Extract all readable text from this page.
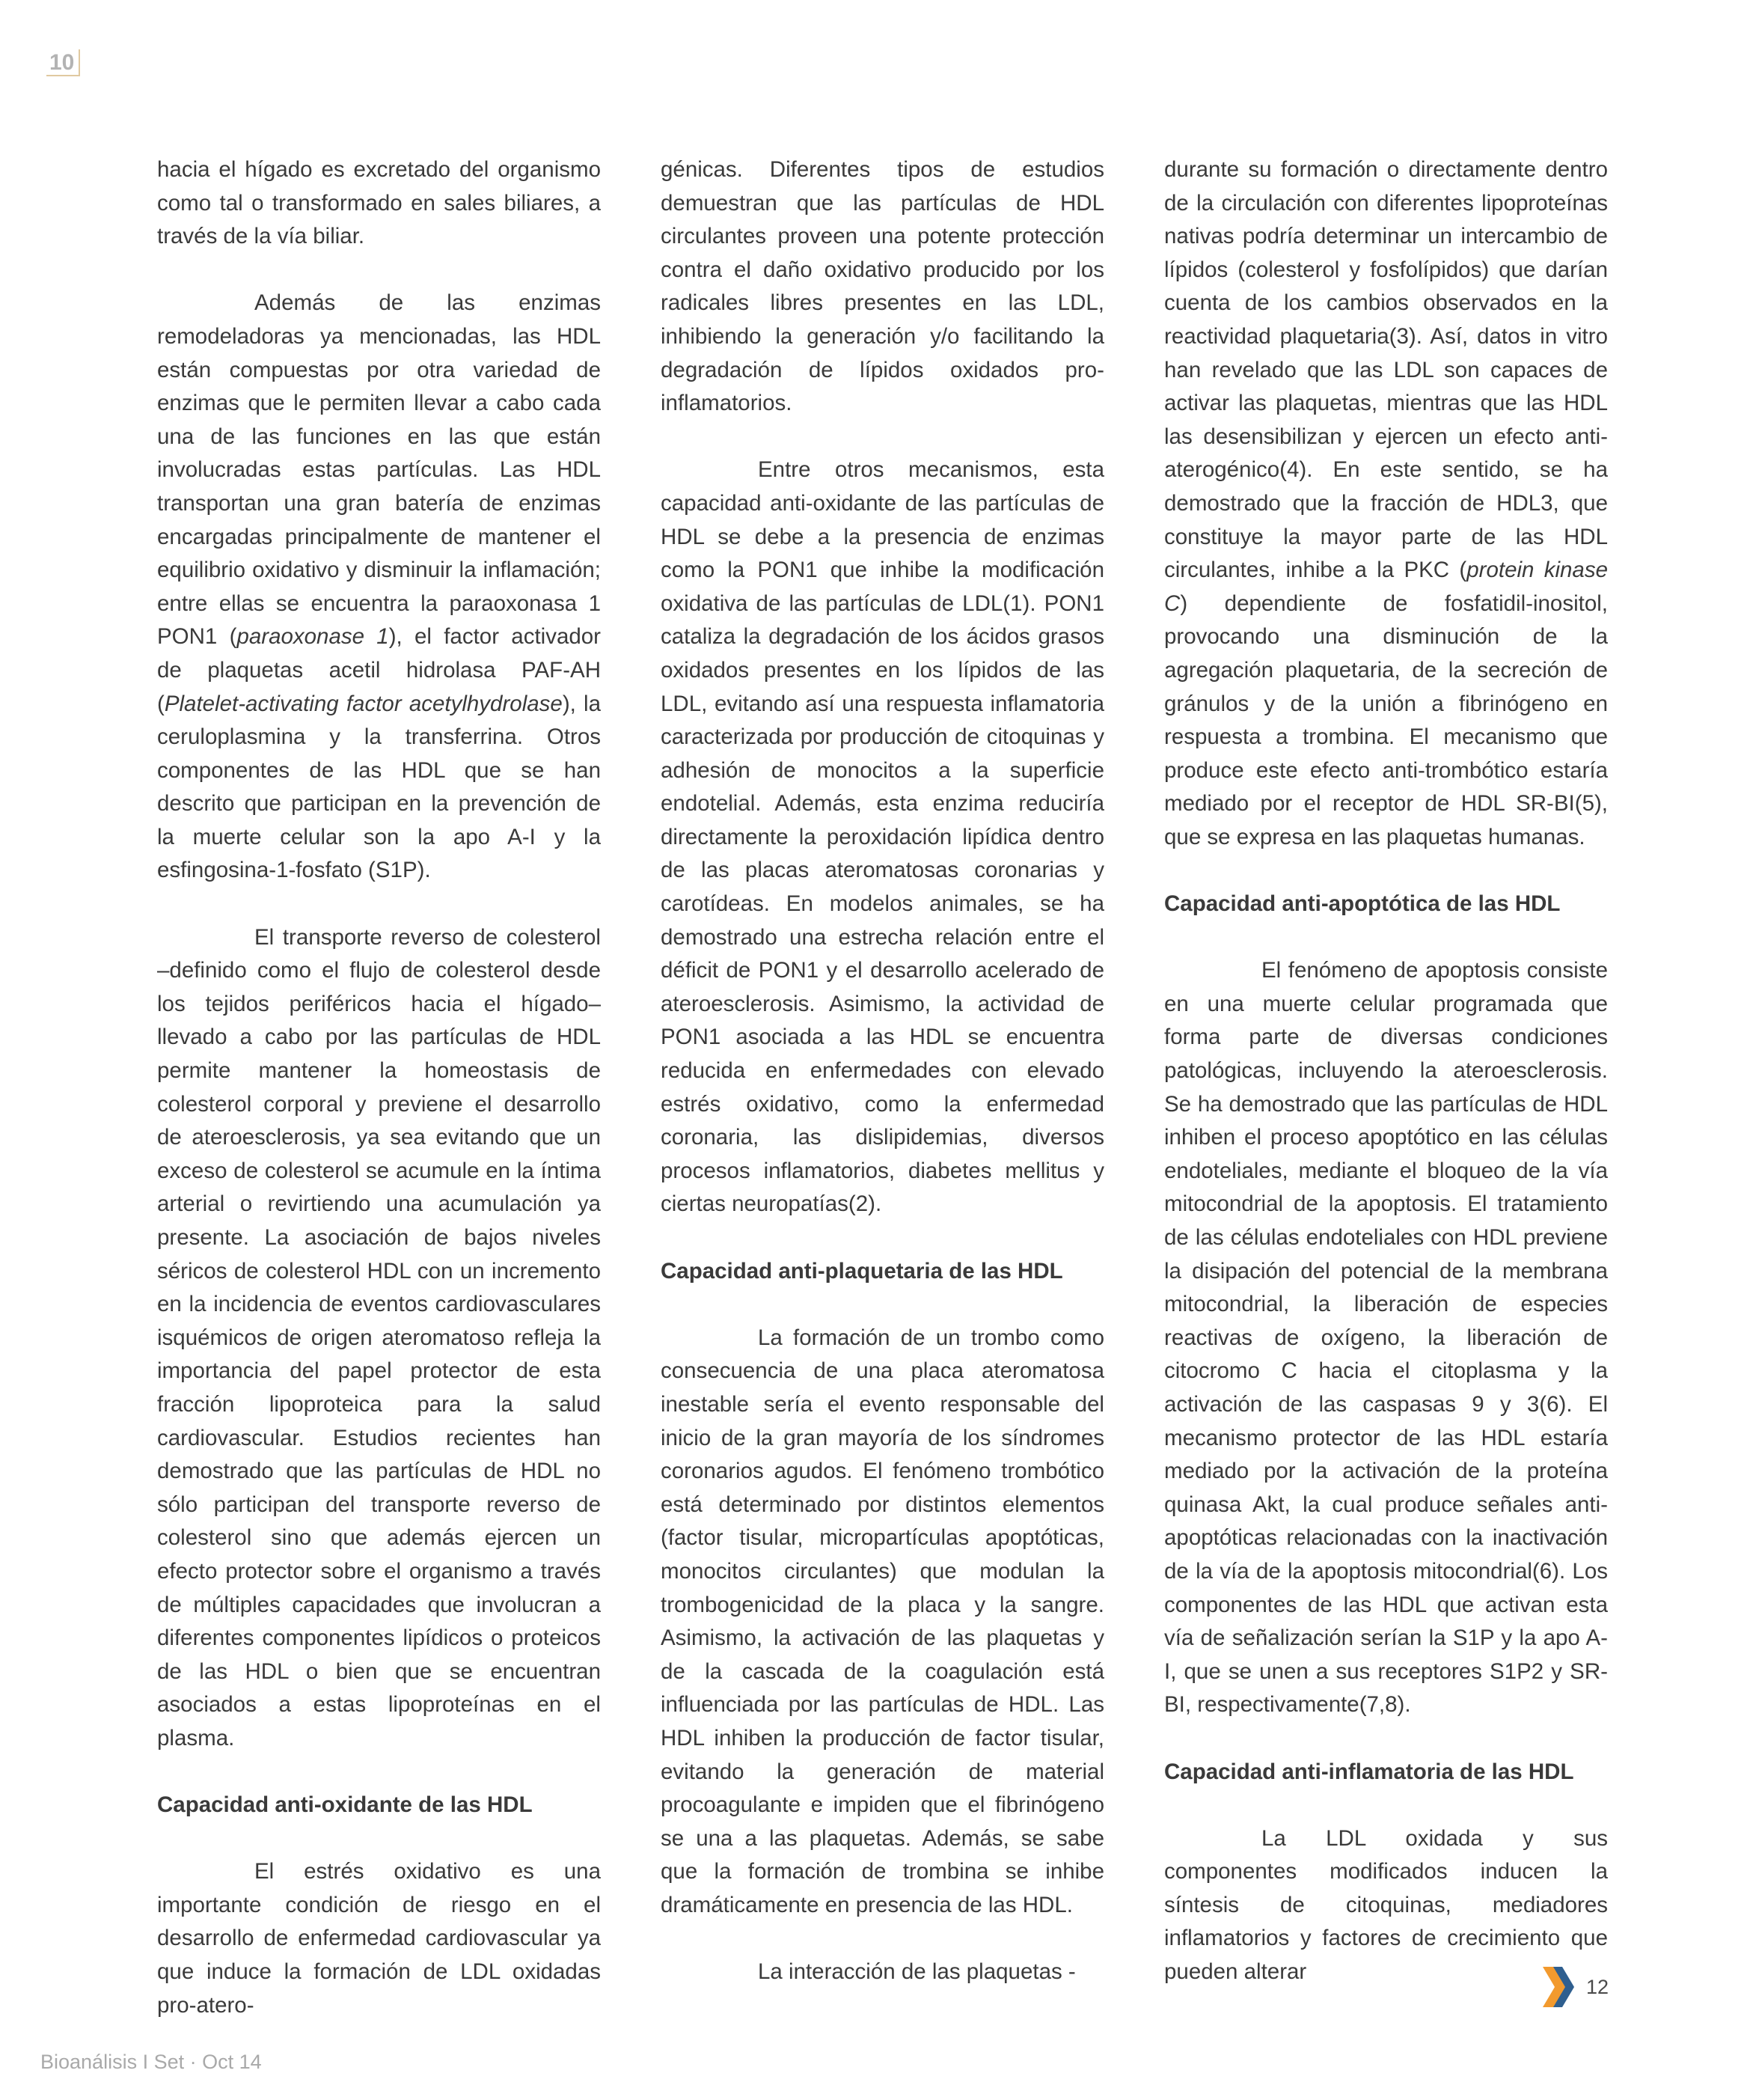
10

hacia el hígado es excretado del organismo como tal o transformado en sales biliares, a través de la vía biliar.

Además de las enzimas remodeladoras ya mencionadas, las HDL están compuestas por otra variedad de enzimas que le permiten llevar a cabo cada una de las funciones en las que están involucradas estas partículas. Las HDL transportan una gran batería de enzimas encargadas principalmente de mantener el equilibrio oxidativo y disminuir la inflamación; entre ellas se encuentra la paraoxonasa 1 PON1 (paraoxonase 1), el factor activador de plaquetas acetil hidrolasa PAF-AH (Platelet-activating factor acetylhydrolase), la ceruloplasmina y la transferrina. Otros componentes de las HDL que se han descrito que participan en la prevención de la muerte celular son la apo A-I y la esfingosina-1-fosfato (S1P).

El transporte reverso de colesterol –definido como el flujo de colesterol desde los tejidos periféricos hacia el hígado– llevado a cabo por las partículas de HDL permite mantener la homeostasis de colesterol corporal y previene el desarrollo de ateroesclerosis, ya sea evitando que un exceso de colesterol se acumule en la íntima arterial o revirtiendo una acumulación ya presente. La asociación de bajos niveles séricos de colesterol HDL con un incremento en la incidencia de eventos cardiovasculares isquémicos de origen ateromatoso refleja la importancia del papel protector de esta fracción lipoproteica para la salud cardiovascular. Estudios recientes han demostrado que las partículas de HDL no sólo participan del transporte reverso de colesterol sino que además ejercen un efecto protector sobre el organismo a través de múltiples capacidades que involucran a diferentes componentes lipídicos o proteicos de las HDL o bien que se encuentran asociados a estas lipoproteínas en el plasma.

Capacidad anti-oxidante de las HDL

El estrés oxidativo es una importante condición de riesgo en el desarrollo de enfermedad cardiovascular ya que induce la formación de LDL oxidadas pro-atero-

génicas. Diferentes tipos de estudios demuestran que las partículas de HDL circulantes proveen una potente protección contra el daño oxidativo producido por los radicales libres presentes en las LDL, inhibiendo la generación y/o facilitando la degradación de lípidos oxidados pro-inflamatorios.

Entre otros mecanismos, esta capacidad anti-oxidante de las partículas de HDL se debe a la presencia de enzimas como la PON1 que inhibe la modificación oxidativa de las partículas de LDL(1). PON1 cataliza la degradación de los ácidos grasos oxidados presentes en los lípidos de las LDL, evitando así una respuesta inflamatoria caracterizada por producción de citoquinas y adhesión de monocitos a la superficie endotelial. Además, esta enzima reduciría directamente la peroxidación lipídica dentro de las placas ateromatosas coronarias y carotídeas. En modelos animales, se ha demostrado una estrecha relación entre el déficit de PON1 y el desarrollo acelerado de ateroesclerosis. Asimismo, la actividad de PON1 asociada a las HDL se encuentra reducida en enfermedades con elevado estrés oxidativo, como la enfermedad coronaria, las dislipidemias, diversos procesos inflamatorios, diabetes mellitus y ciertas neuropatías(2).

Capacidad anti-plaquetaria de las HDL

La formación de un trombo como consecuencia de una placa ateromatosa inestable sería el evento responsable del inicio de la gran mayoría de los síndromes coronarios agudos. El fenómeno trombótico está determinado por distintos elementos (factor tisular, micropartículas apoptóticas, monocitos circulantes) que modulan la trombogenicidad de la placa y la sangre. Asimismo, la activación de las plaquetas y de la cascada de la coagulación está influenciada por las partículas de HDL. Las HDL inhiben la producción de factor tisular, evitando la generación de material procoagulante e impiden que el fibrinógeno se una a las plaquetas. Además, se sabe que la formación de trombina se inhibe dramáticamente en presencia de las HDL.

La interacción de las plaquetas -

durante su formación o directamente dentro de la circulación con diferentes lipoproteínas nativas podría determinar un intercambio de lípidos (colesterol y fosfolípidos) que darían cuenta de los cambios observados en la reactividad plaquetaria(3). Así, datos in vitro han revelado que las LDL son capaces de activar las plaquetas, mientras que las HDL las desensibilizan y ejercen un efecto anti-aterogénico(4). En este sentido, se ha demostrado que la fracción de HDL3, que constituye la mayor parte de las HDL circulantes, inhibe a la PKC (protein kinase C) dependiente de fosfatidil-inositol, provocando una disminución de la agregación plaquetaria, de la secreción de gránulos y de la unión a fibrinógeno en respuesta a trombina. El mecanismo que produce este efecto anti-trombótico estaría mediado por el receptor de HDL SR-BI(5), que se expresa en las plaquetas humanas.

Capacidad anti-apoptótica de las HDL

El fenómeno de apoptosis consiste en una muerte celular programada que forma parte de diversas condiciones patológicas, incluyendo la ateroesclerosis. Se ha demostrado que las partículas de HDL inhiben el proceso apoptótico en las células endoteliales, mediante el bloqueo de la vía mitocondrial de la apoptosis. El tratamiento de las células endoteliales con HDL previene la disipación del potencial de la membrana mitocondrial, la liberación de especies reactivas de oxígeno, la liberación de citocromo C hacia el citoplasma y la activación de las caspasas 9 y 3(6). El mecanismo protector de las HDL estaría mediado por la activación de la proteína quinasa Akt, la cual produce señales anti-apoptóticas relacionadas con la inactivación de la vía de la apoptosis mitocondrial(6). Los componentes de las HDL que activan esta vía de señalización serían la S1P y la apo A-I, que se unen a sus receptores S1P2 y SR-BI, respectivamente(7,8).

Capacidad anti-inflamatoria de las HDL

La LDL oxidada y sus componentes modificados inducen la síntesis de citoquinas, mediadores inflamatorios y factores de crecimiento que pueden alterar

12
Bioanálisis I Set · Oct 14
